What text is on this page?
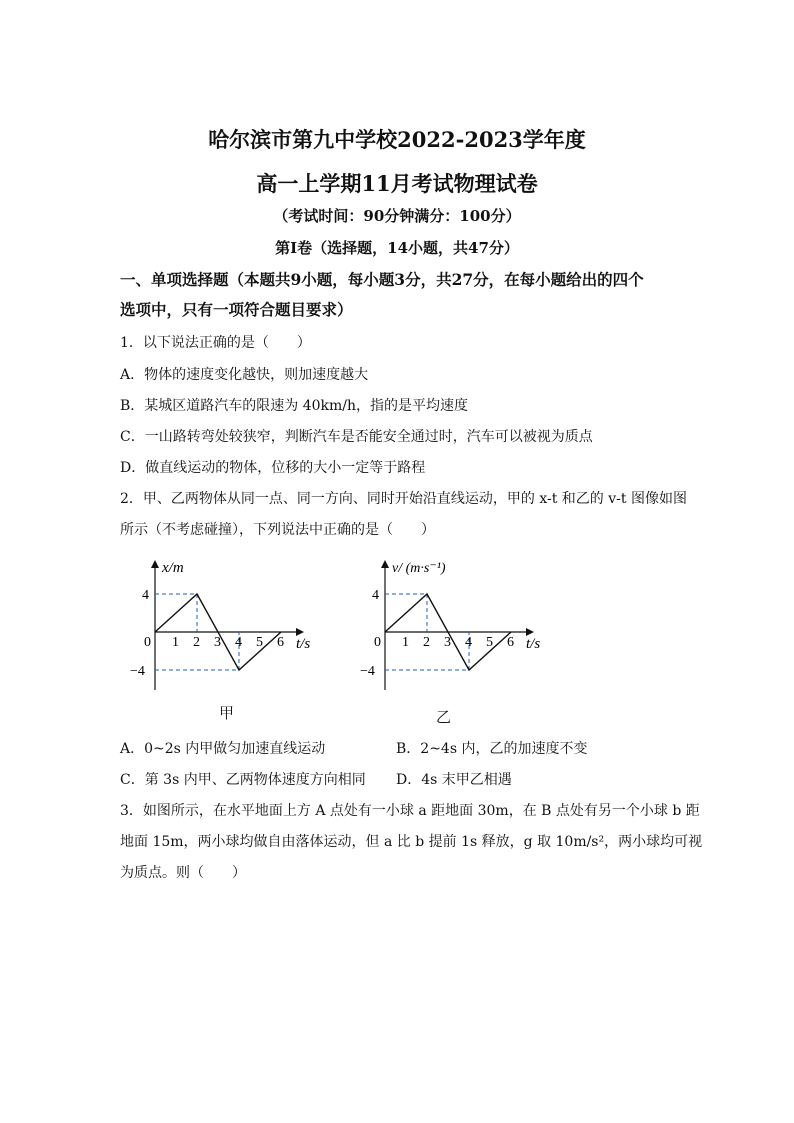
哈尔滨市第九中学校2022-2023学年度
高一上学期11月考试物理试卷
（考试时间：90分钟满分：100分）
第Ⅰ卷（选择题，14小题，共47分）
一、单项选择题（本题共9小题，每小题3分，共27分，在每小题给出的四个
选项中，只有一项符合题目要求）
1．以下说法正确的是（　　）
A．物体的速度变化越快，则加速度越大
B．某城区道路汽车的限速为 40km/h，指的是平均速度
C．一山路转弯处较狭窄，判断汽车是否能安全通过时，汽车可以被视为质点
D．做直线运动的物体，位移的大小一定等于路程
2．甲、乙两物体从同一点、同一方向、同时开始沿直线运动，甲的 x-t 和乙的 v-t 图像如图
所示（不考虑碰撞），下列说法中正确的是（　　）
x/m
t/s
0 1 2 3 4 5 6
4
−4
甲
v/ (m·s⁻¹)
t/s
0 1 2 3 4 5 6
4
−4
乙
A．0~2s 内甲做匀加速直线运动	B．2~4s 内，乙的加速度不变
C．第 3s 内甲、乙两物体速度方向相同 D．4s 末甲乙相遇
3．如图所示，在水平地面上方 A 点处有一小球 a 距地面 30m，在 B 点处有另一个小球 b 距
地面 15m，两小球均做自由落体运动，但 a 比 b 提前 1s 释放，g 取 10m/s²，两小球均可视
为质点。则（　　）
